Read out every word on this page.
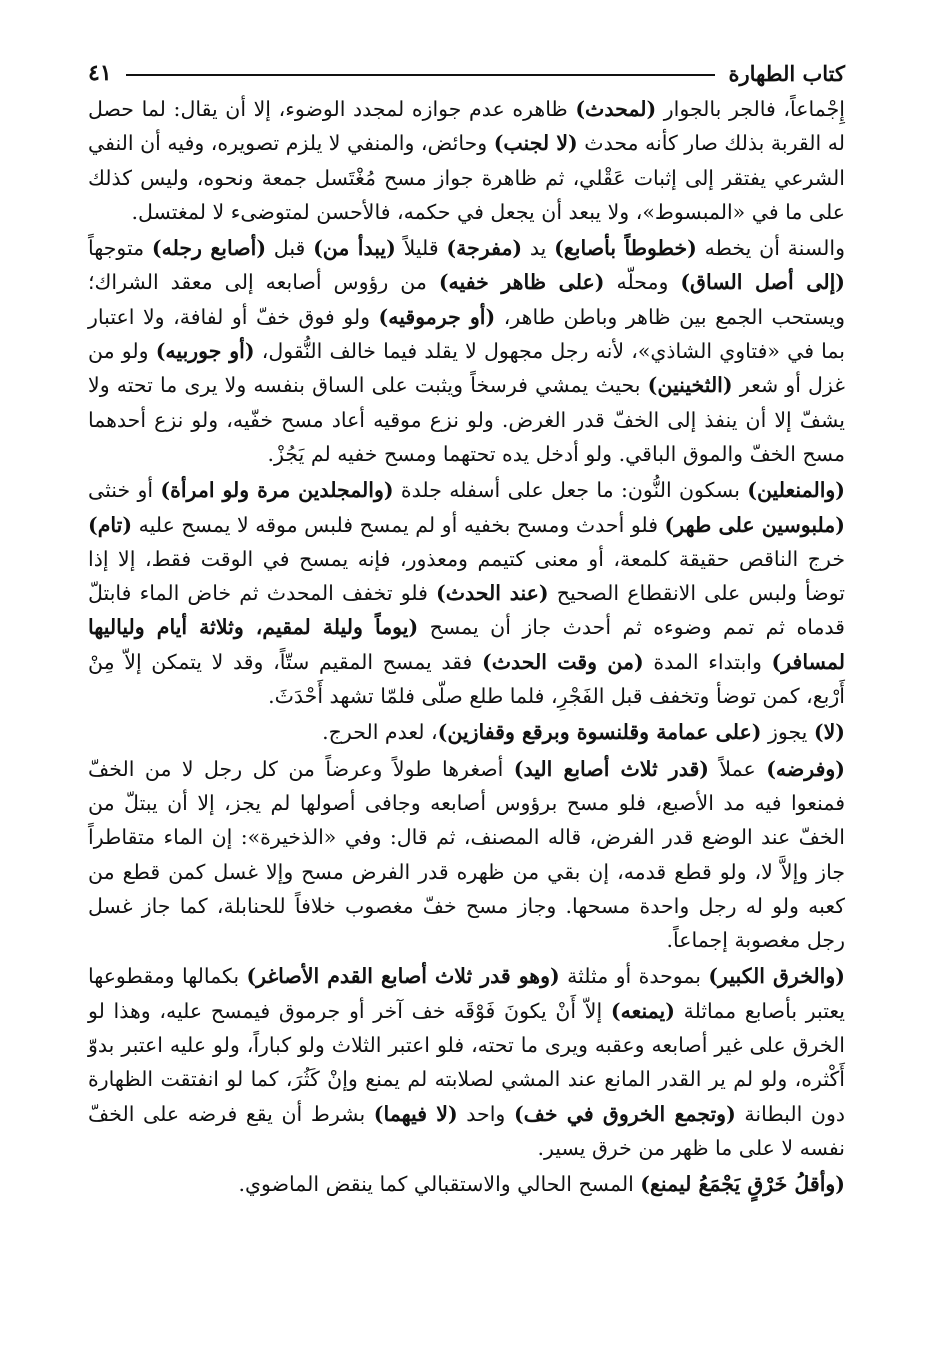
كتاب الطهارة
٤١

إِجْماعاً، فالجر بالجوار (لمحدث) ظاهره عدم جوازه لمجدد الوضوء، إلا أن يقال: لما حصل له القربة بذلك صار كأنه محدث (لا لجنب) وحائض، والمنفي لا يلزم تصويره، وفيه أن النفي الشرعي يفتقر إلى إثبات عَقْلي، ثم ظاهرة جواز مسح مُغْتَسل جمعة ونحوه، وليس كذلك على ما في «المبسوط»، ولا يبعد أن يجعل في حكمه، فالأحسن لمتوضىء لا لمغتسل.

والسنة أن يخطه (خطوطاً بأصابع) يد (مفرجة) قليلاً (يبدأ من) قبل (أصابع رجله) متوجهاً (إلى أصل الساق) ومحلّه (على ظاهر خفيه) من رؤوس أصابعه إلى معقد الشراك؛ ويستحب الجمع بين ظاهر وباطن طاهر، (أو جرموقيه) ولو فوق خفّ أو لفافة، ولا اعتبار بما في «فتاوي الشاذي»، لأنه رجل مجهول لا يقلد فيما خالف النُّقول، (أو جوربيه) ولو من غزل أو شعر (الثخينين) بحيث يمشي فرسخاً ويثبت على الساق بنفسه ولا يرى ما تحته ولا يشفّ إلا أن ينفذ إلى الخفّ قدر الغرض. ولو نزع موقيه أعاد مسح خفّيه، ولو نزع أحدهما مسح الخفّ والموق الباقي. ولو أدخل يده تحتهما ومسح خفيه لم يَجُزْ.

(والمنعلين) بسكون النُّون: ما جعل على أسفله جلدة (والمجلدين مرة ولو امرأة) أو خنثى (ملبوسين على طهر) فلو أحدث ومسح بخفيه أو لم يمسح فلبس موقه لا يمسح عليه (تام) خرج الناقص حقيقة كلمعة، أو معنى كتيمم ومعذور، فإنه يمسح في الوقت فقط، إلا إذا توضأ ولبس على الانقطاع الصحيح (عند الحدث) فلو تخفف المحدث ثم خاض الماء فابتلّ قدماه ثم تمم وضوءه ثم أحدث جاز أن يمسح (يوماً وليلة لمقيم، وثلاثة أيام ولياليها لمسافر) وابتداء المدة (من وقت الحدث) فقد يمسح المقيم ستّاً، وقد لا يتمكن إلاّ مِنْ أَرْبع، كمن توضأ وتخفف قبل الفَجْرِ، فلما طلع صلّى فلمّا تشهد أَحْدَثَ.

(لا) يجوز (على عمامة وقلنسوة وبرقع وقفازين)، لعدم الحرج.

(وفرضه) عملاً (قدر ثلاث أصابع اليد) أصغرها طولاً وعرضاً من كل رجل لا من الخفّ فمنعوا فيه مد الأصبع، فلو مسح برؤوس أصابعه وجافى أصولها لم يجز، إلا أن يبتلّ من الخفّ عند الوضع قدر الفرض، قاله المصنف، ثم قال: وفي «الذخيرة»: إن الماء متقاطراً جاز وإلاَّ لا، ولو قطع قدمه، إن بقي من ظهره قدر الفرض مسح وإلا غسل كمن قطع من كعبه ولو له رجل واحدة مسحها. وجاز مسح خفّ مغصوب خلافاً للحنابلة، كما جاز غسل رجل مغصوبة إجماعاً.

(والخرق الكبير) بموحدة أو مثلثة (وهو قدر ثلاث أصابع القدم الأصاغر) بكمالها ومقطوعها يعتبر بأصابع مماثلة (يمنعه) إلاّ أَنْ يكونَ فَوْقَه خف آخر أو جرموق فيمسح عليه، وهذا لو الخرق على غير أصابعه وعقبه ويرى ما تحته، فلو اعتبر الثلاث ولو كباراً، ولو عليه اعتبر بدوّ أَكْثره، ولو لم ير القدر المانع عند المشي لصلابته لم يمنع وإنْ كَثُرَ، كما لو انفتقت الظهارة دون البطانة (وتجمع الخروق في خف) واحد (لا فيهما) بشرط أن يقع فرضه على الخفّ نفسه لا على ما ظهر من خرق يسير.

(وأقلُ خَرْقٍ يَجْمَعُ ليمنع) المسح الحالي والاستقبالي كما ينقض الماضوي.
